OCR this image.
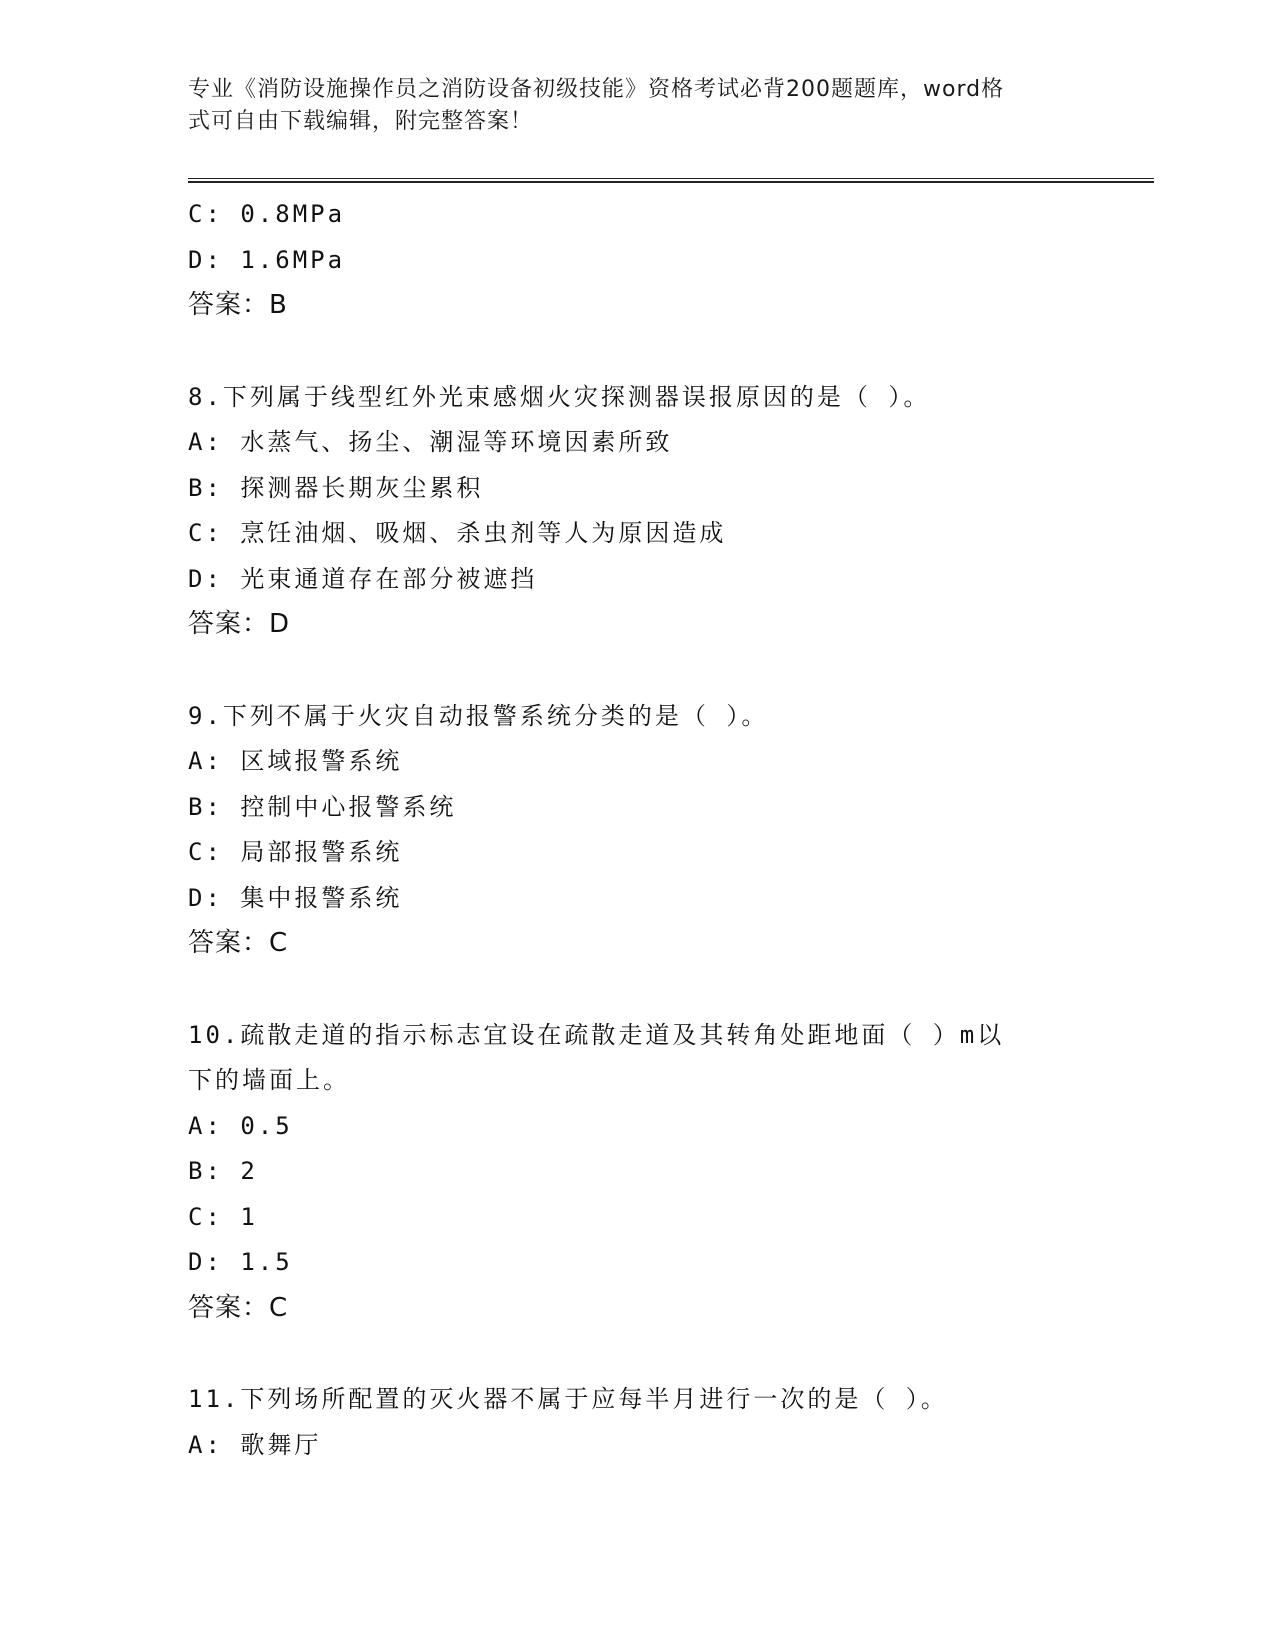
专业《消防设施操作员之消防设备初级技能》资格考试必背200题题库，word格
式可自由下载编辑，附完整答案！
C: 0.8MPa
D: 1.6MPa
答案：B
8.下列属于线型红外光束感烟火灾探测器误报原因的是（ ）。
A: 水蒸气、扬尘、潮湿等环境因素所致
B: 探测器长期灰尘累积
C: 烹饪油烟、吸烟、杀虫剂等人为原因造成
D: 光束通道存在部分被遮挡
答案：D
9.下列不属于火灾自动报警系统分类的是（ ）。
A: 区域报警系统
B: 控制中心报警系统
C: 局部报警系统
D: 集中报警系统
答案：C
10.疏散走道的指示标志宜设在疏散走道及其转角处距地面（ ）m以
下的墙面上。
A: 0.5
B: 2
C: 1
D: 1.5
答案：C
11.下列场所配置的灭火器不属于应每半月进行一次的是（ ）。
A: 歌舞厅
